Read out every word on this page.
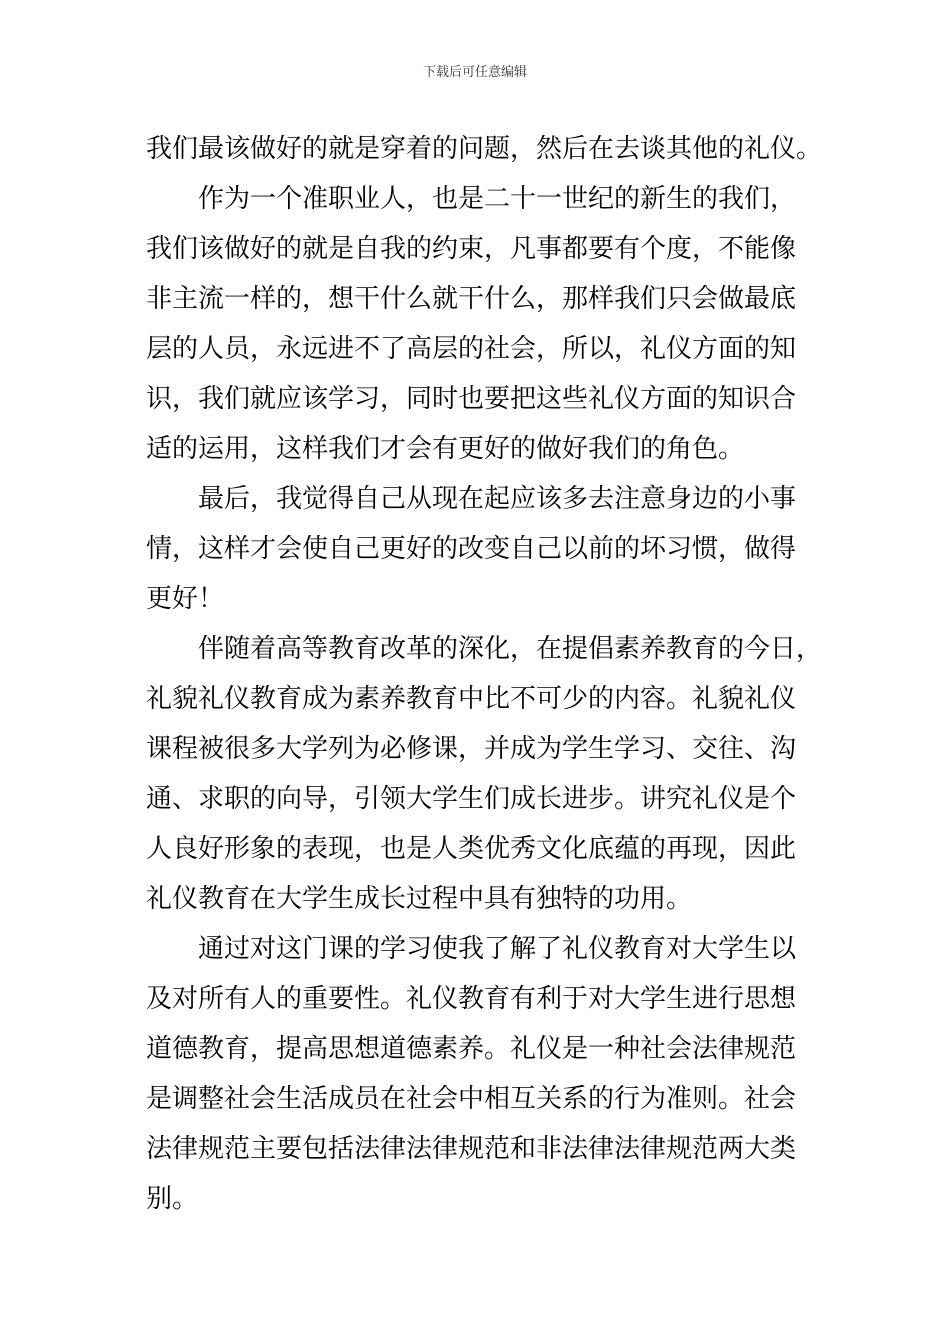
下载后可任意编辑
我们最该做好的就是穿着的问题，然后在去谈其他的礼仪。
作为一个准职业人，也是二十一世纪的新生的我们，
我们该做好的就是自我的约束，凡事都要有个度，不能像
非主流一样的，想干什么就干什么，那样我们只会做最底
层的人员，永远进不了高层的社会，所以，礼仪方面的知
识，我们就应该学习，同时也要把这些礼仪方面的知识合
适的运用，这样我们才会有更好的做好我们的角色。
最后，我觉得自己从现在起应该多去注意身边的小事
情，这样才会使自己更好的改变自己以前的坏习惯，做得
更好！
伴随着高等教育改革的深化，在提倡素养教育的今日，
礼貌礼仪教育成为素养教育中比不可少的内容。礼貌礼仪
课程被很多大学列为必修课，并成为学生学习、交往、沟
通、求职的向导，引领大学生们成长进步。讲究礼仪是个
人良好形象的表现，也是人类优秀文化底蕴的再现，因此
礼仪教育在大学生成长过程中具有独特的功用。
通过对这门课的学习使我了解了礼仪教育对大学生以
及对所有人的重要性。礼仪教育有利于对大学生进行思想
道德教育，提高思想道德素养。礼仪是一种社会法律规范
是调整社会生活成员在社会中相互关系的行为准则。社会
法律规范主要包括法律法律规范和非法律法律规范两大类
别。
